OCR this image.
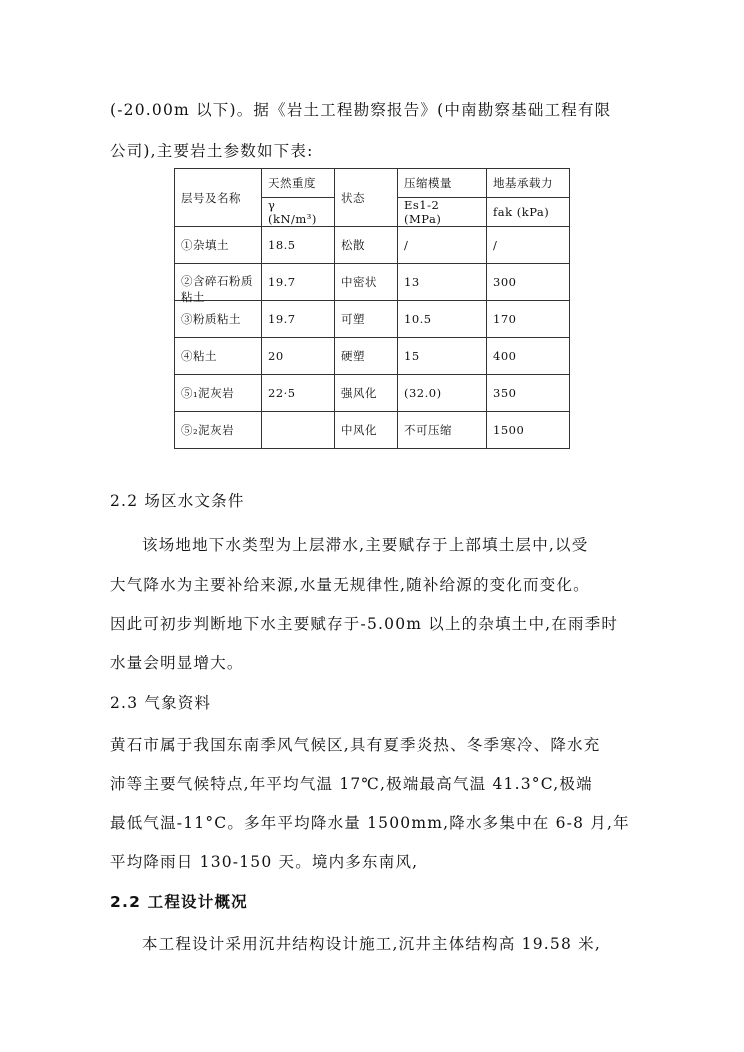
(-20.00m 以下)。据《岩土工程勘察报告》(中南勘察基础工程有限
公司),主要岩土参数如下表:
层号及名称	天然重度	状态	压缩模量	地基承载力
	γ (kN/m³)		Es1-2 (MPa)	fak (kPa)
①杂填土	18.5	松散	/	/

②含碎石粉质粘土	19.7	中密状	13	300
③粉质粘土	19.7	可塑	10.5	170
④粘土	20	硬塑	15	400
⑤₁泥灰岩	22·5	强风化	(32.0)	350
⑤₂泥灰岩		中风化	不可压缩	1500
2.2 场区水文条件
该场地地下水类型为上层滞水,主要赋存于上部填土层中,以受
大气降水为主要补给来源,水量无规律性,随补给源的变化而变化。
因此可初步判断地下水主要赋存于-5.00m 以上的杂填土中,在雨季时
水量会明显增大。
2.3 气象资料
黄石市属于我国东南季风气候区,具有夏季炎热、冬季寒冷、降水充
沛等主要气候特点,年平均气温 17℃,极端最高气温 41.3°C,极端
最低气温-11°C。多年平均降水量 1500mm,降水多集中在 6-8 月,年
平均降雨日 130-150 天。境内多东南风,
2.2 工程设计概况
本工程设计采用沉井结构设计施工,沉井主体结构高 19.58 米,
